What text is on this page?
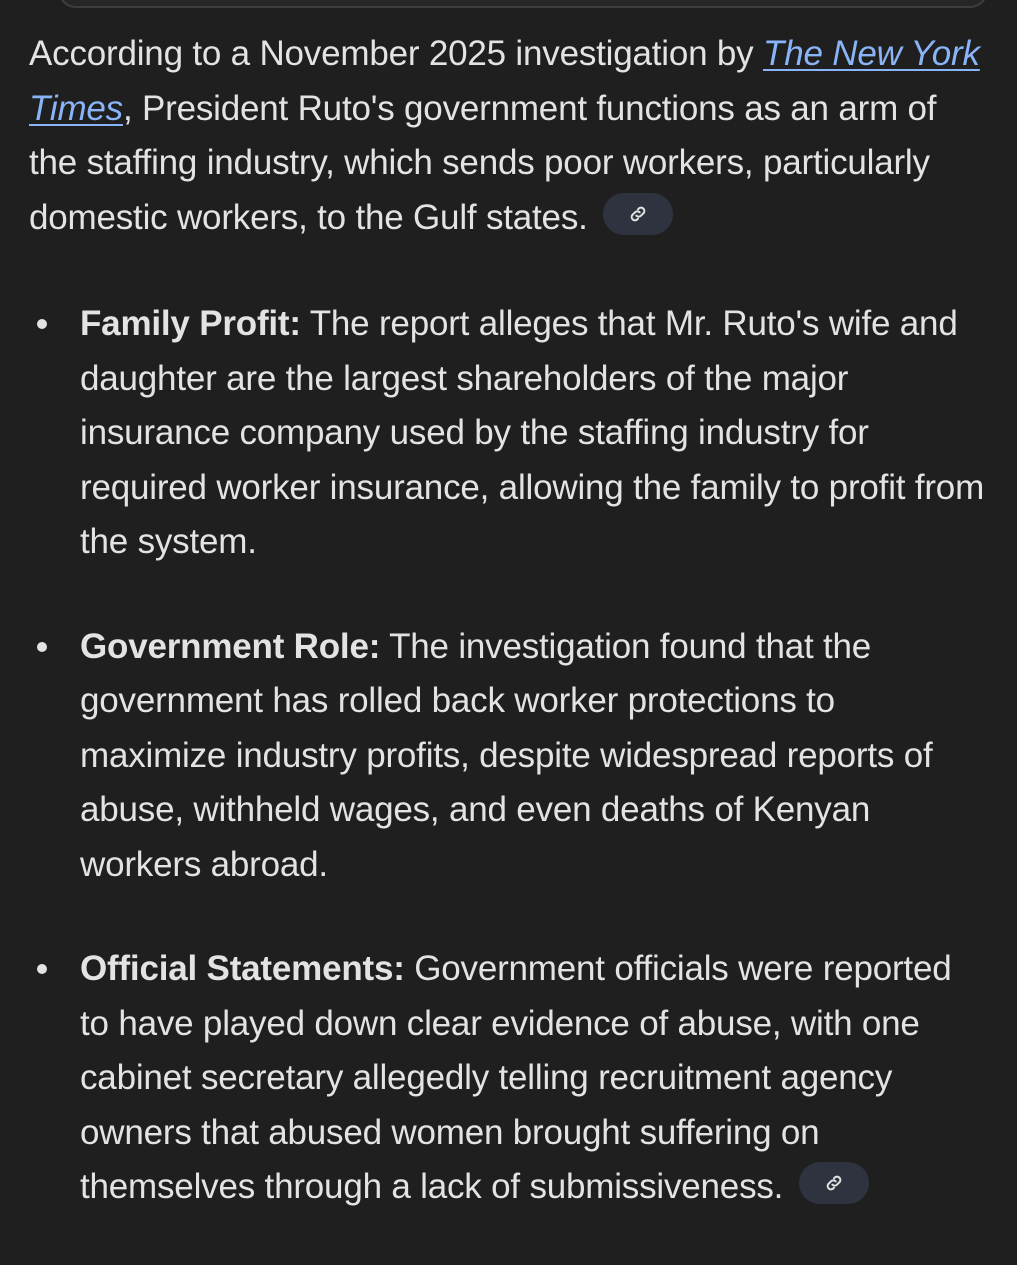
According to a November 2025 investigation by The New York Times, President Ruto's government functions as an arm of the staffing industry, which sends poor workers, particularly domestic workers, to the Gulf states.

Family Profit: The report alleges that Mr. Ruto's wife and daughter are the largest shareholders of the major insurance company used by the staffing industry for required worker insurance, allowing the family to profit from the system.
Government Role: The investigation found that the government has rolled back worker protections to maximize industry profits, despite widespread reports of abuse, withheld wages, and even deaths of Kenyan workers abroad.
Official Statements: Government officials were reported to have played down clear evidence of abuse, with one cabinet secretary allegedly telling recruitment agency owners that abused women brought suffering on themselves through a lack of submissiveness.
